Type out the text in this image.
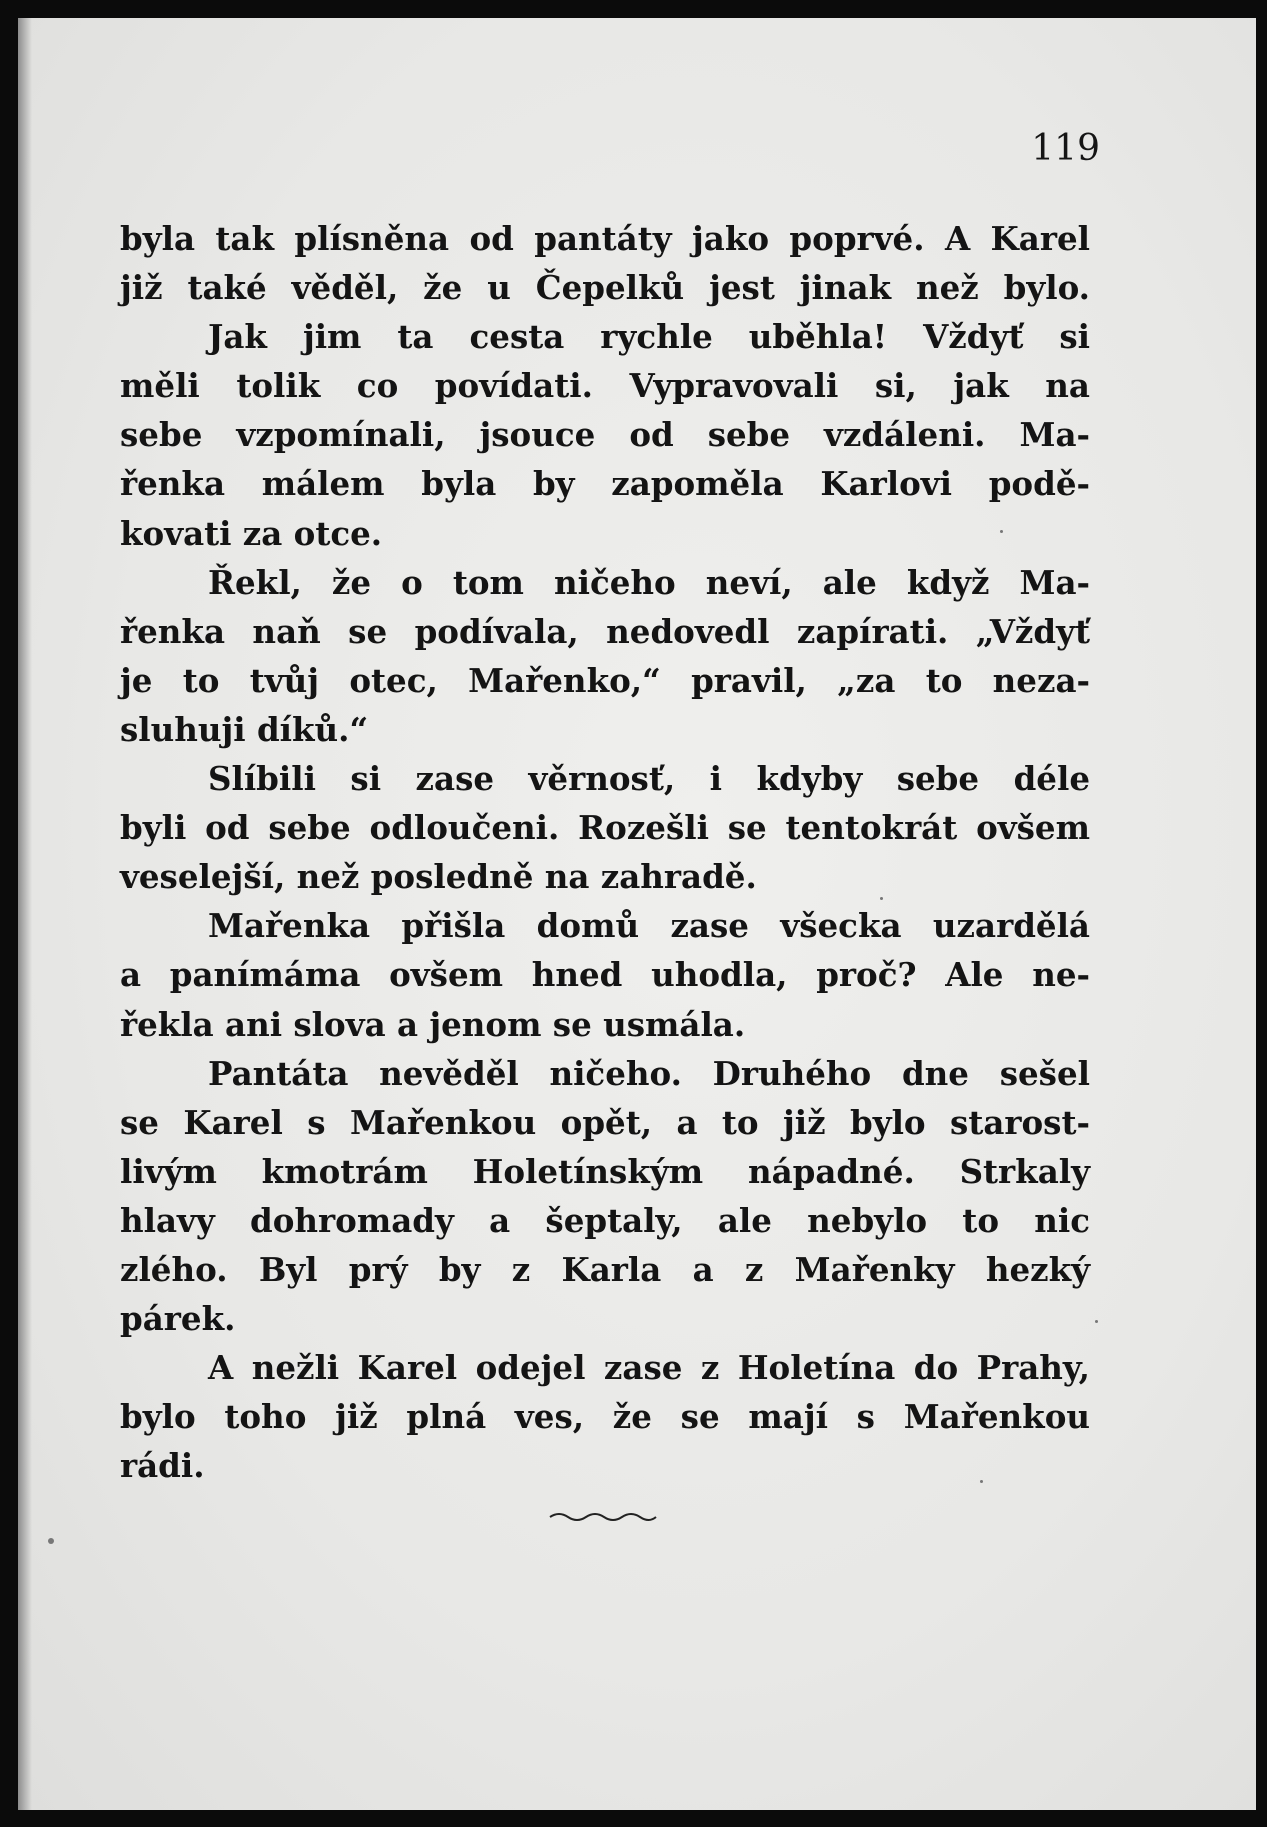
119
byla tak plísněna od pantáty jako poprvé. A Karel
již také věděl, že u Čepelků jest jinak než bylo.
Jak jim ta cesta rychle uběhla! Vždyť si
měli tolik co povídati. Vypravovali si, jak na
sebe vzpomínali, jsouce od sebe vzdáleni. Ma-
řenka málem byla by zapoměla Karlovi podě-
kovati za otce.
Řekl, že o tom ničeho neví, ale když Ma-
řenka naň se podívala, nedovedl zapírati. „Vždyť
je to tvůj otec, Mařenko,“ pravil, „za to neza-
sluhuji díků.“
Slíbili si zase věrnosť, i kdyby sebe déle
byli od sebe odloučeni. Rozešli se tentokrát ovšem
veselejší, než posledně na zahradě.
Mařenka přišla domů zase všecka uzardělá
a panímáma ovšem hned uhodla, proč? Ale ne-
řekla ani slova a jenom se usmála.
Pantáta nevěděl ničeho. Druhého dne sešel
se Karel s Mařenkou opět, a to již bylo starost-
livým kmotrám Holetínským nápadné. Strkaly
hlavy dohromady a šeptaly, ale nebylo to nic
zlého. Byl prý by z Karla a z Mařenky hezký
párek.
A nežli Karel odejel zase z Holetína do Prahy,
bylo toho již plná ves, že se mají s Mařenkou
rádi.
